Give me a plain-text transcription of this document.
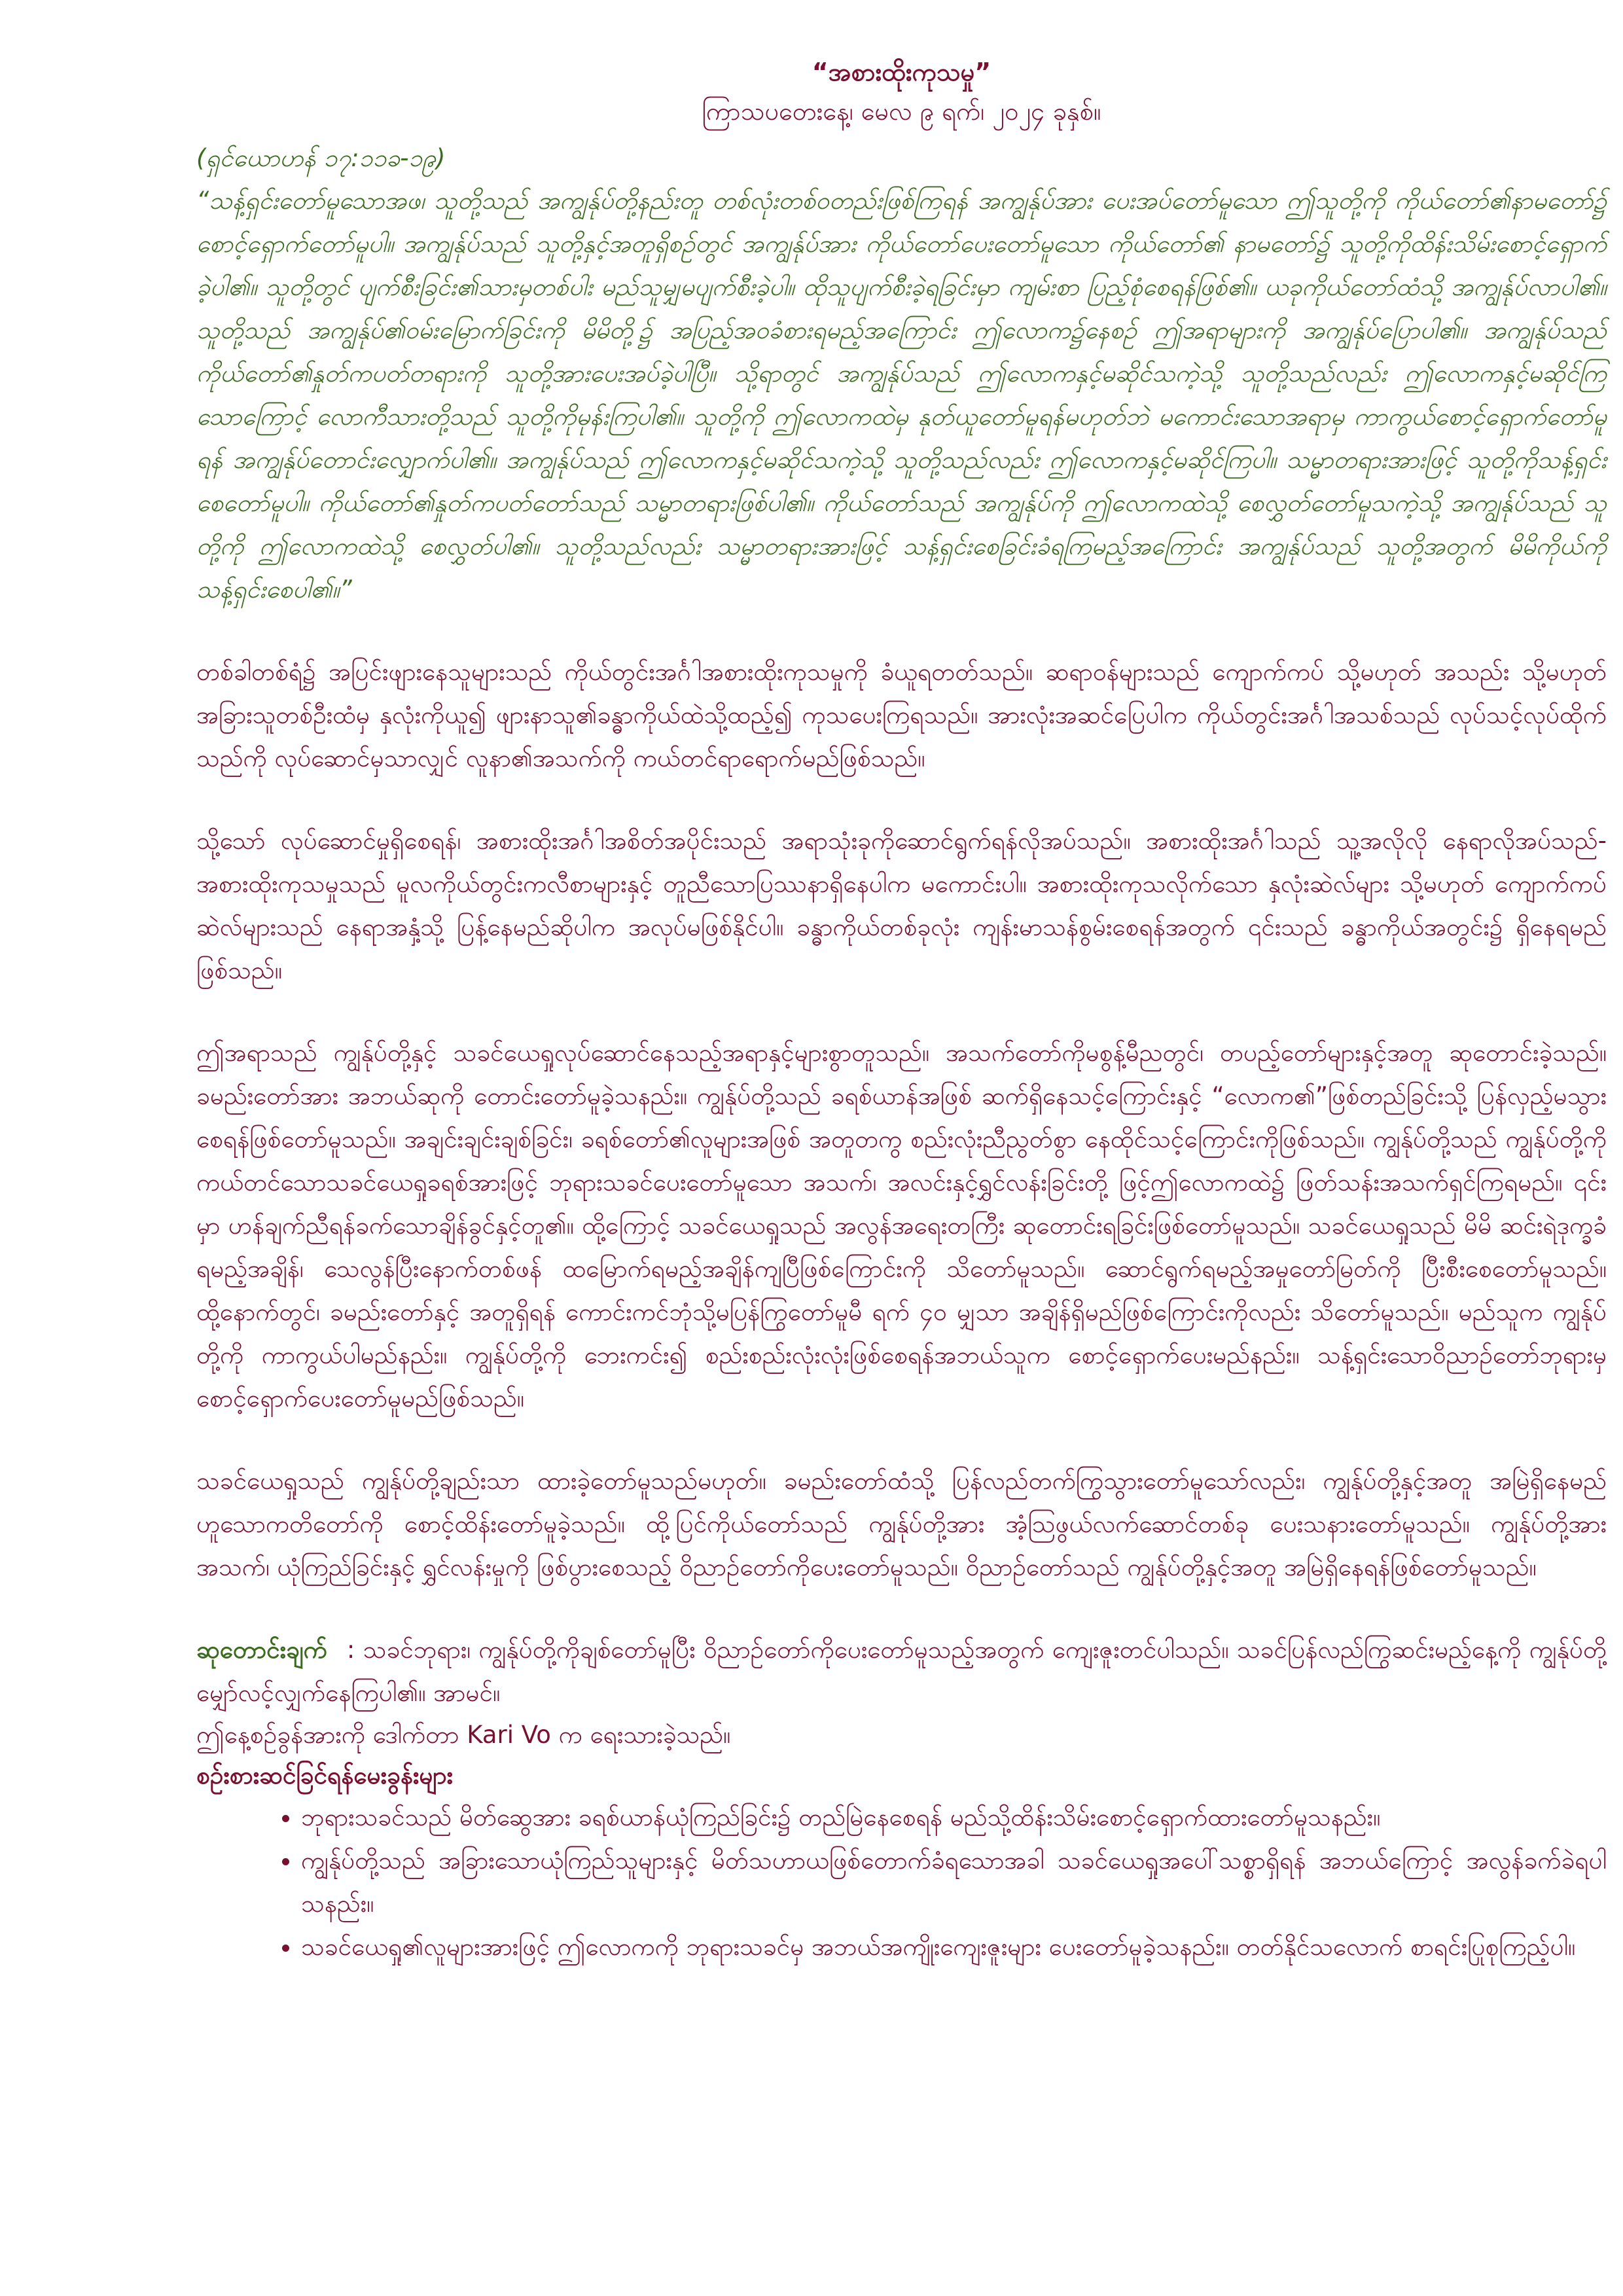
“အစားထိုးကုသမှု”

ကြာသပတေးနေ့၊ မေလ ၉ ရက်၊ ၂၀၂၄ ခုနှစ်။

(ရှင်ယောဟန် ၁၇:၁၁ခ-၁၉)

“သန့်ရှင်းတော်မူသောအဖ၊ သူတို့သည် အကျွန်ုပ်တို့နည်းတူ တစ်လုံးတစ်ဝတည်းဖြစ်ကြရန် အကျွန်ုပ်အား ပေးအပ်တော်မူသော ဤသူတို့ကို ကိုယ်တော်၏နာမတော်၌ စောင့်ရှောက်တော်မူပါ။ အကျွန်ုပ်သည် သူတို့နှင့်အတူရှိစဉ်တွင် အကျွန်ုပ်အား ကိုယ်တော်ပေးတော်မူသော ကိုယ်တော်၏ နာမတော်၌ သူတို့ကိုထိန်းသိမ်းစောင့်ရှောက်ခဲ့ပါ၏။ သူတို့တွင် ပျက်စီးခြင်း၏သားမှတစ်ပါး မည်သူမျှမပျက်စီးခဲ့ပါ။ ထိုသူပျက်စီးခဲ့ရခြင်းမှာ ကျမ်းစာ ပြည့်စုံစေရန်ဖြစ်၏။ ယခုကိုယ်တော်ထံသို့ အကျွန်ုပ်လာပါ၏။ သူတို့သည် အကျွန်ုပ်၏ဝမ်းမြောက်ခြင်းကို မိမိတို့၌ အပြည့်အဝခံစားရမည့်အကြောင်း ဤလောက၌နေစဉ် ဤအရာများကို အကျွန်ုပ်ပြောပါ၏။ အကျွန်ုပ်သည် ကိုယ်တော်၏နှုတ်ကပတ်တရားကို သူတို့အားပေးအပ်ခဲ့ပါပြီ။ သို့ရာတွင် အကျွန်ုပ်သည် ဤလောကနှင့်မဆိုင်သကဲ့သို့ သူတို့သည်လည်း ဤလောကနှင့်မဆိုင်ကြသောကြောင့် လောကီသားတို့သည် သူတို့ကိုမုန်းကြပါ၏။ သူတို့ကို ဤလောကထဲမှ နုတ်ယူတော်မူရန်မဟုတ်ဘဲ မကောင်းသောအရာမှ ကာကွယ်စောင့်ရှောက်တော်မူရန် အကျွန်ုပ်တောင်းလျှောက်ပါ၏။ အကျွန်ုပ်သည် ဤလောကနှင့်မဆိုင်သကဲ့သို့ သူတို့သည်လည်း ဤလောကနှင့်မဆိုင်ကြပါ။ သမ္မာတရားအားဖြင့် သူတို့ကိုသန့်ရှင်းစေတော်မူပါ။ ကိုယ်တော်၏နှုတ်ကပတ်တော်သည် သမ္မာတရားဖြစ်ပါ၏။ ကိုယ်တော်သည် အကျွန်ုပ်ကို ဤလောကထဲသို့ စေလွှတ်တော်မူသကဲ့သို့ အကျွန်ုပ်သည် သူတို့ကို ဤလောကထဲသို့ စေလွှတ်ပါ၏။ သူတို့သည်လည်း သမ္မာတရားအားဖြင့် သန့်ရှင်းစေခြင်းခံရကြမည့်အကြောင်း အကျွန်ုပ်သည် သူတို့အတွက် မိမိကိုယ်ကိုသန့်ရှင်းစေပါ၏။”

တစ်ခါတစ်ရံ၌ အပြင်းဖျားနေသူများသည် ကိုယ်တွင်းအင်္ဂါအစားထိုးကုသမှုကို ခံယူရတတ်သည်။ ဆရာဝန်များသည် ကျောက်ကပ် သို့မဟုတ် အသည်း သို့မဟုတ် အခြားသူတစ်ဦးထံမှ နှလုံးကိုယူ၍ ဖျားနာသူ၏ခန္ဓာကိုယ်ထဲသို့ထည့်၍ ကုသပေးကြရသည်။ အားလုံးအဆင်ပြေပါက ကိုယ်တွင်းအင်္ဂါအသစ်သည် လုပ်သင့်လုပ်ထိုက်သည်ကို လုပ်ဆောင်မှသာလျှင် လူနာ၏အသက်ကို ကယ်တင်ရာရောက်မည်ဖြစ်သည်။

သို့သော် လုပ်ဆောင်မှုရှိစေရန်၊ အစားထိုးအင်္ဂါအစိတ်အပိုင်းသည် အရာသုံးခုကိုဆောင်ရွက်ရန်လိုအပ်သည်။ အစားထိုးအင်္ဂါသည် သူ့အလိုလို နေရာလိုအပ်သည်- အစားထိုးကုသမှုသည် မူလကိုယ်တွင်းကလီစာများနှင့် တူညီသောပြဿနာရှိနေပါက မကောင်းပါ။ အစားထိုးကုသလိုက်သော နှလုံးဆဲလ်များ သို့မဟုတ် ကျောက်ကပ်ဆဲလ်များသည် နေရာအနှံ့သို့ ပြန့်နေမည်ဆိုပါက အလုပ်မဖြစ်နိုင်ပါ။ ခန္ဓာကိုယ်တစ်ခုလုံး ကျန်းမာသန်စွမ်းစေရန်အတွက် ၎င်းသည် ခန္ဓာကိုယ်အတွင်း၌ ရှိနေရမည်ဖြစ်သည်။

ဤအရာသည် ကျွန်ုပ်တို့နှင့် သခင်ယေရှုလုပ်ဆောင်နေသည့်အရာနှင့်များစွာတူသည်။ အသက်တော်ကိုမစွန့်မီညတွင်၊ တပည့်တော်များနှင့်အတူ ဆုတောင်းခဲ့သည်။ ခမည်းတော်အား အဘယ်ဆုကို တောင်းတော်မူခဲ့သနည်း။ ကျွန်ုပ်တို့သည် ခရစ်ယာန်အဖြစ် ဆက်ရှိနေသင့်ကြောင်းနှင့် “လောက၏”ဖြစ်တည်ခြင်းသို့ ပြန်လှည့်မသွားစေရန်ဖြစ်တော်မူသည်။ အချင်းချင်းချစ်ခြင်း၊ ခရစ်တော်၏လူများအဖြစ် အတူတကွ စည်းလုံးညီညွတ်စွာ နေထိုင်သင့်ကြောင်းကိုဖြစ်သည်။ ကျွန်ုပ်တို့သည် ကျွန်ုပ်တို့ကိုကယ်တင်သောသခင်ယေရှုခရစ်အားဖြင့် ဘုရားသခင်ပေးတော်မူသော အသက်၊ အလင်းနှင့်ရွှင်လန်းခြင်းတို့ ဖြင့်ဤလောကထဲ၌ ဖြတ်သန်းအသက်ရှင်ကြရမည်။ ၎င်းမှာ ဟန်ချက်ညီရန်ခက်သောချိန်ခွင်နှင့်တူ၏။ ထို့ကြောင့် သခင်ယေရှုသည် အလွန်အရေးတကြီး ဆုတောင်းရခြင်းဖြစ်တော်မူသည်။ သခင်ယေရှုသည် မိမိ ဆင်းရဲဒုက္ခခံရမည့်အချိန်၊ သေလွန်ပြီးနောက်တစ်ဖန် ထမြောက်ရမည့်အချိန်ကျပြီဖြစ်ကြောင်းကို သိတော်မူသည်။ ဆောင်ရွက်ရမည့်အမှုတော်မြတ်ကို ပြီးစီးစေတော်မူသည်။ ထို့နောက်တွင်၊ ခမည်းတော်နှင့် အတူရှိရန် ကောင်းကင်ဘုံသို့မပြန်ကြွတော်မူမီ ရက် ၄၀ မျှသာ အချိန်ရှိမည်ဖြစ်ကြောင်းကိုလည်း သိတော်မူသည်။ မည်သူက ကျွန်ုပ်တို့ကို ကာကွယ်ပါမည်နည်း။ ကျွန်ုပ်တို့ကို ဘေးကင်း၍ စည်းစည်းလုံးလုံးဖြစ်စေရန်အဘယ်သူက စောင့်ရှောက်ပေးမည်နည်း။ သန့်ရှင်းသောဝိညာဉ်တော်ဘုရားမှ စောင့်ရှောက်ပေးတော်မူမည်ဖြစ်သည်။

သခင်ယေရှုသည် ကျွန်ုပ်တို့ချည်းသာ ထားခဲ့တော်မူသည်မဟုတ်။ ခမည်းတော်ထံသို့ ပြန်လည်တက်ကြွသွားတော်မူသော်လည်း၊ ကျွန်ုပ်တို့နှင့်အတူ အမြဲရှိနေမည်ဟူသောကတိတော်ကို စောင့်ထိန်းတော်မူခဲ့သည်။ ထို့ပြင်ကိုယ်တော်သည် ကျွန်ုပ်တို့အား အံ့သြဖွယ်လက်ဆောင်တစ်ခု ပေးသနားတော်မူသည်။ ကျွန်ုပ်တို့အား အသက်၊ ယုံကြည်ခြင်းနှင့် ရွှင်လန်းမှုကို ဖြစ်ပွားစေသည့် ဝိညာဉ်တော်ကိုပေးတော်မူသည်။ ဝိညာဉ်တော်သည် ကျွန်ုပ်တို့နှင့်အတူ အမြဲရှိနေရန်ဖြစ်တော်မူသည်။

ဆုတောင်းချက် : သခင်ဘုရား၊ ကျွန်ုပ်တို့ကိုချစ်တော်မူပြီး ဝိညာဉ်တော်ကိုပေးတော်မူသည့်အတွက် ကျေးဇူးတင်ပါသည်။ သခင်ပြန်လည်ကြွဆင်းမည့်နေ့ကို ကျွန်ုပ်တို့မျှော်လင့်လျှက်နေကြပါ၏။ အာမင်။

ဤနေ့စဉ်ခွန်အားကို ဒေါက်တာ Kari Vo က ရေးသားခဲ့သည်။

စဉ်းစားဆင်ခြင်ရန်မေးခွန်းများ

• ဘုရားသခင်သည် မိတ်ဆွေအား ခရစ်ယာန်ယုံကြည်ခြင်း၌ တည်မြဲနေစေရန် မည်သို့ထိန်းသိမ်းစောင့်ရှောက်ထားတော်မူသနည်း။
• ကျွန်ုပ်တို့သည် အခြားသောယုံကြည်သူများနှင့် မိတ်သဟာယဖြစ်တောက်ခံရသောအခါ သခင်ယေရှုအပေါ်သစ္စာရှိရန် အဘယ်ကြောင့် အလွန်ခက်ခဲရပါသနည်း။
• သခင်ယေရှု၏လူများအားဖြင့် ဤလောကကို ဘုရားသခင်မှ အဘယ်အကျိုးကျေးဇူးများ ပေးတော်မူခဲ့သနည်း။ တတ်နိုင်သလောက် စာရင်းပြုစုကြည့်ပါ။
